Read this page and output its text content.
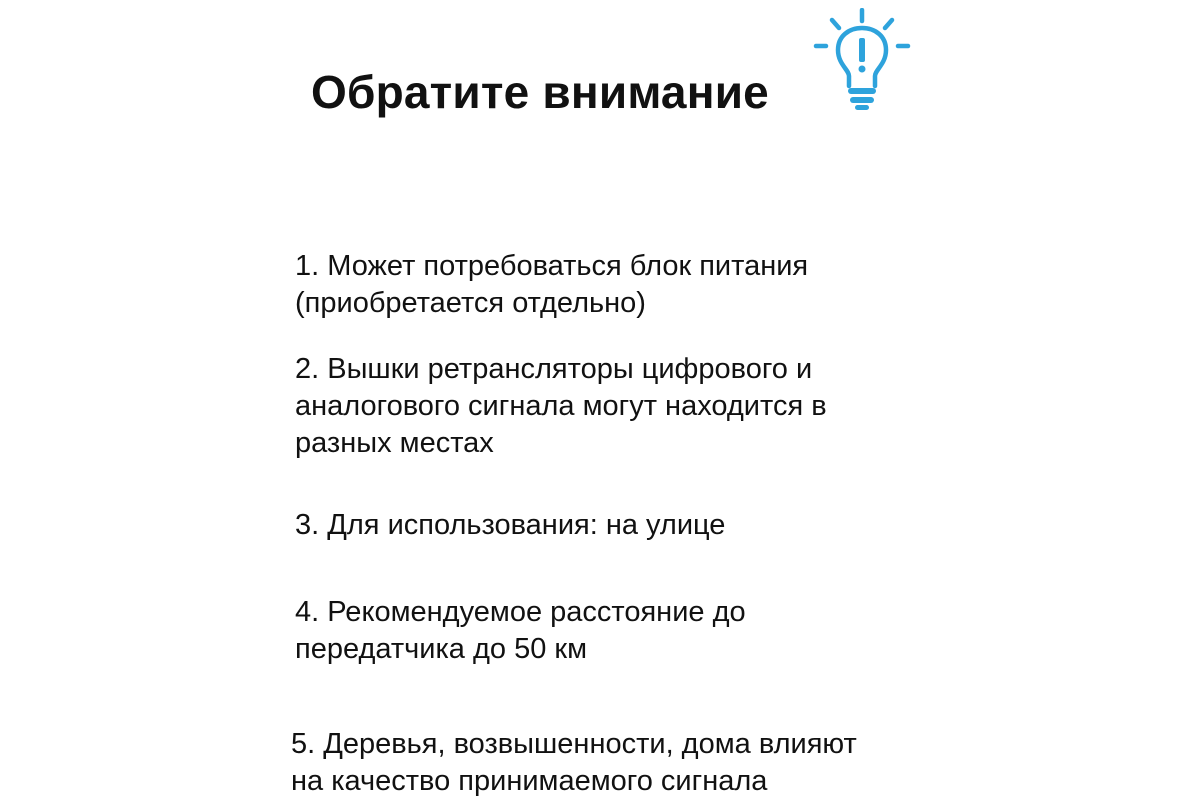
Обратите внимание
1. Может потребоваться блок питания
(приобретается отдельно)
2. Вышки ретрансляторы цифрового и
аналогового сигнала могут находится в
разных местах
3. Для использования: на улице
4. Рекомендуемое расстояние до
передатчика до 50 км
5. Деревья, возвышенности, дома влияют
на качество принимаемого сигнала
